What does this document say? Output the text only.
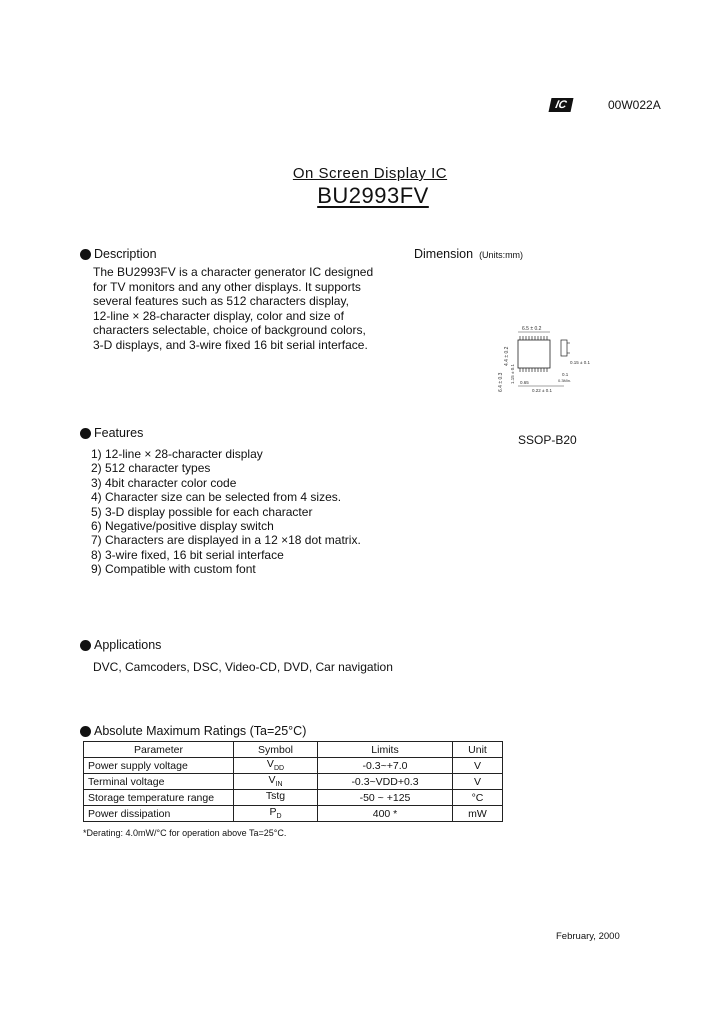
IC	00W022A
On Screen Display IC
BU2993FV
Description
The BU2993FV is a character generator IC designed
for TV monitors and any other displays. It supports
several features such as 512 characters display,
12-line × 28-character display, color and size of
characters selectable, choice of background colors,
3-D displays, and 3-wire fixed 16 bit serial interface.
Dimension (Units:mm)
6.5 ± 0.2
4.4 ± 0.2
6.4 ± 0.3
0.15 ± 0.1
0.1
1.15 ± 0.1 0.65
0.22 ± 0.1
0.3Min.
SSOP-B20
Features
1) 12-line × 28-character display
2) 512 character types
3) 4bit character color code
4) Character size can be selected from 4 sizes.
5) 3-D display possible for each character
6) Negative/positive display switch
7) Characters are displayed in a 12 ×18 dot matrix.
8) 3-wire fixed, 16 bit serial interface
9) Compatible with custom font
Applications
DVC, Camcoders, DSC, Video-CD, DVD, Car navigation
Absolute Maximum Ratings (Ta=25°C)
Parameter	Symbol	Limits	Unit
Power supply voltage	$V_{DD}$	-0.3~+7.0	V
Terminal voltage	$V_{IN}$	-0.3~VDD+0.3	V
Storage temperature range	Tstg	-50 ~ +125	°C
Power dissipation	$P_D$	400 *	mW
*Derating: 4.0mW/°C for operation above Ta=25°C.
February, 2000
